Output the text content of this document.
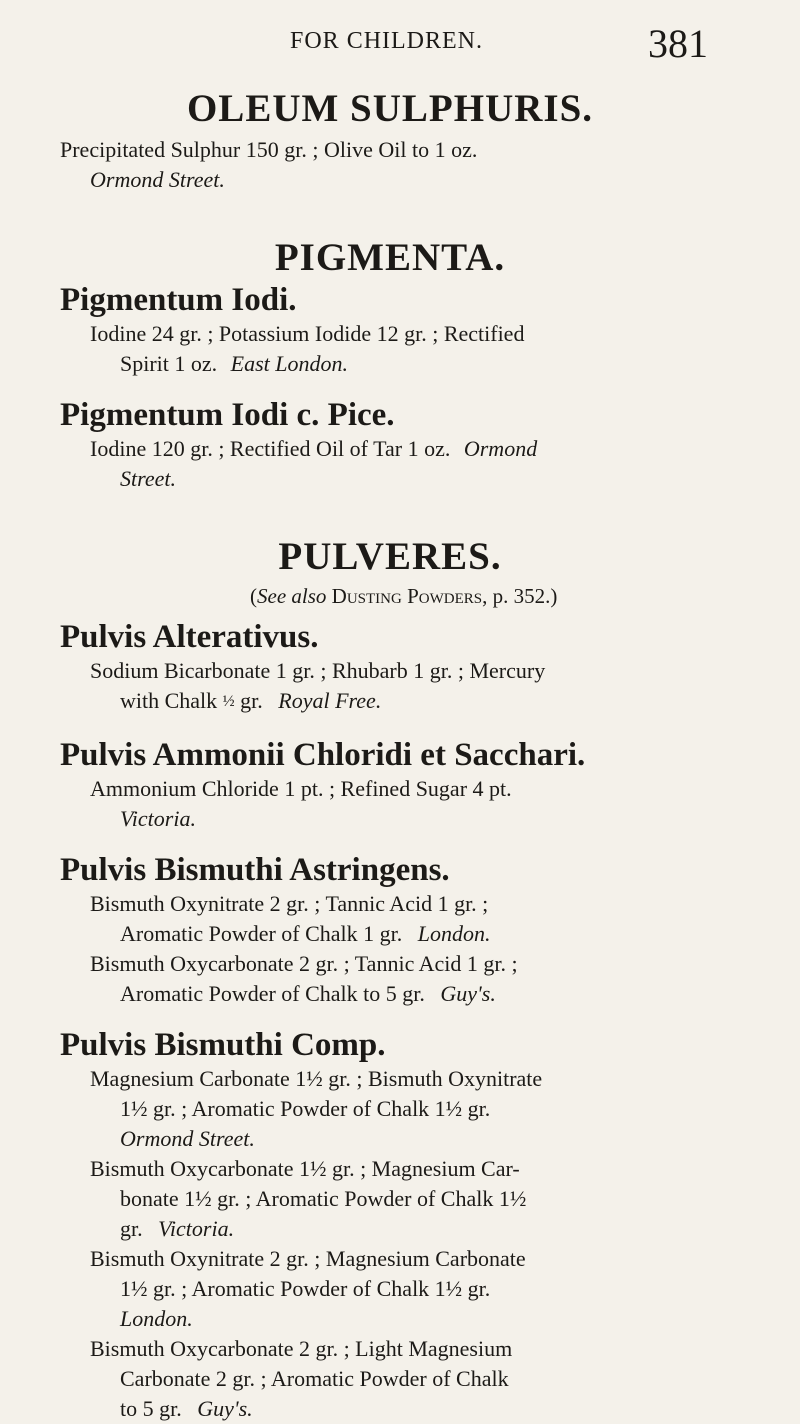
FOR CHILDREN.	381
OLEUM SULPHURIS.

Precipitated Sulphur 150 gr. ; Olive Oil to 1 oz.

Ormond Street.

PIGMENTA.
Pigmentum Iodi.

Iodine 24 gr. ; Potassium Iodide 12 gr. ; Rectified

Spirit 1 oz. East London.

Pigmentum Iodi c. Pice.

Iodine 120 gr. ; Rectified Oil of Tar 1 oz. Ormond

Street.

PULVERES.

(See also Dusting Powders, p. 352.)

Pulvis Alterativus.

Sodium Bicarbonate 1 gr. ; Rhubarb 1 gr. ; Mercury

with Chalk ½ gr. Royal Free.

Pulvis Ammonii Chloridi et Sacchari.

Ammonium Chloride 1 pt. ; Refined Sugar 4 pt.

Victoria.

Pulvis Bismuthi Astringens.

Bismuth Oxynitrate 2 gr. ; Tannic Acid 1 gr. ;

Aromatic Powder of Chalk 1 gr. London.

Bismuth Oxycarbonate 2 gr. ; Tannic Acid 1 gr. ;

Aromatic Powder of Chalk to 5 gr. Guy's.

Pulvis Bismuthi Comp.

Magnesium Carbonate 1½ gr. ; Bismuth Oxynitrate

1½ gr. ; Aromatic Powder of Chalk 1½ gr.

Ormond Street.

Bismuth Oxycarbonate 1½ gr. ; Magnesium Car-

bonate 1½ gr. ; Aromatic Powder of Chalk 1½

gr. Victoria.

Bismuth Oxynitrate 2 gr. ; Magnesium Carbonate

1½ gr. ; Aromatic Powder of Chalk 1½ gr.

London.

Bismuth Oxycarbonate 2 gr. ; Light Magnesium

Carbonate 2 gr. ; Aromatic Powder of Chalk

to 5 gr. Guy's.
